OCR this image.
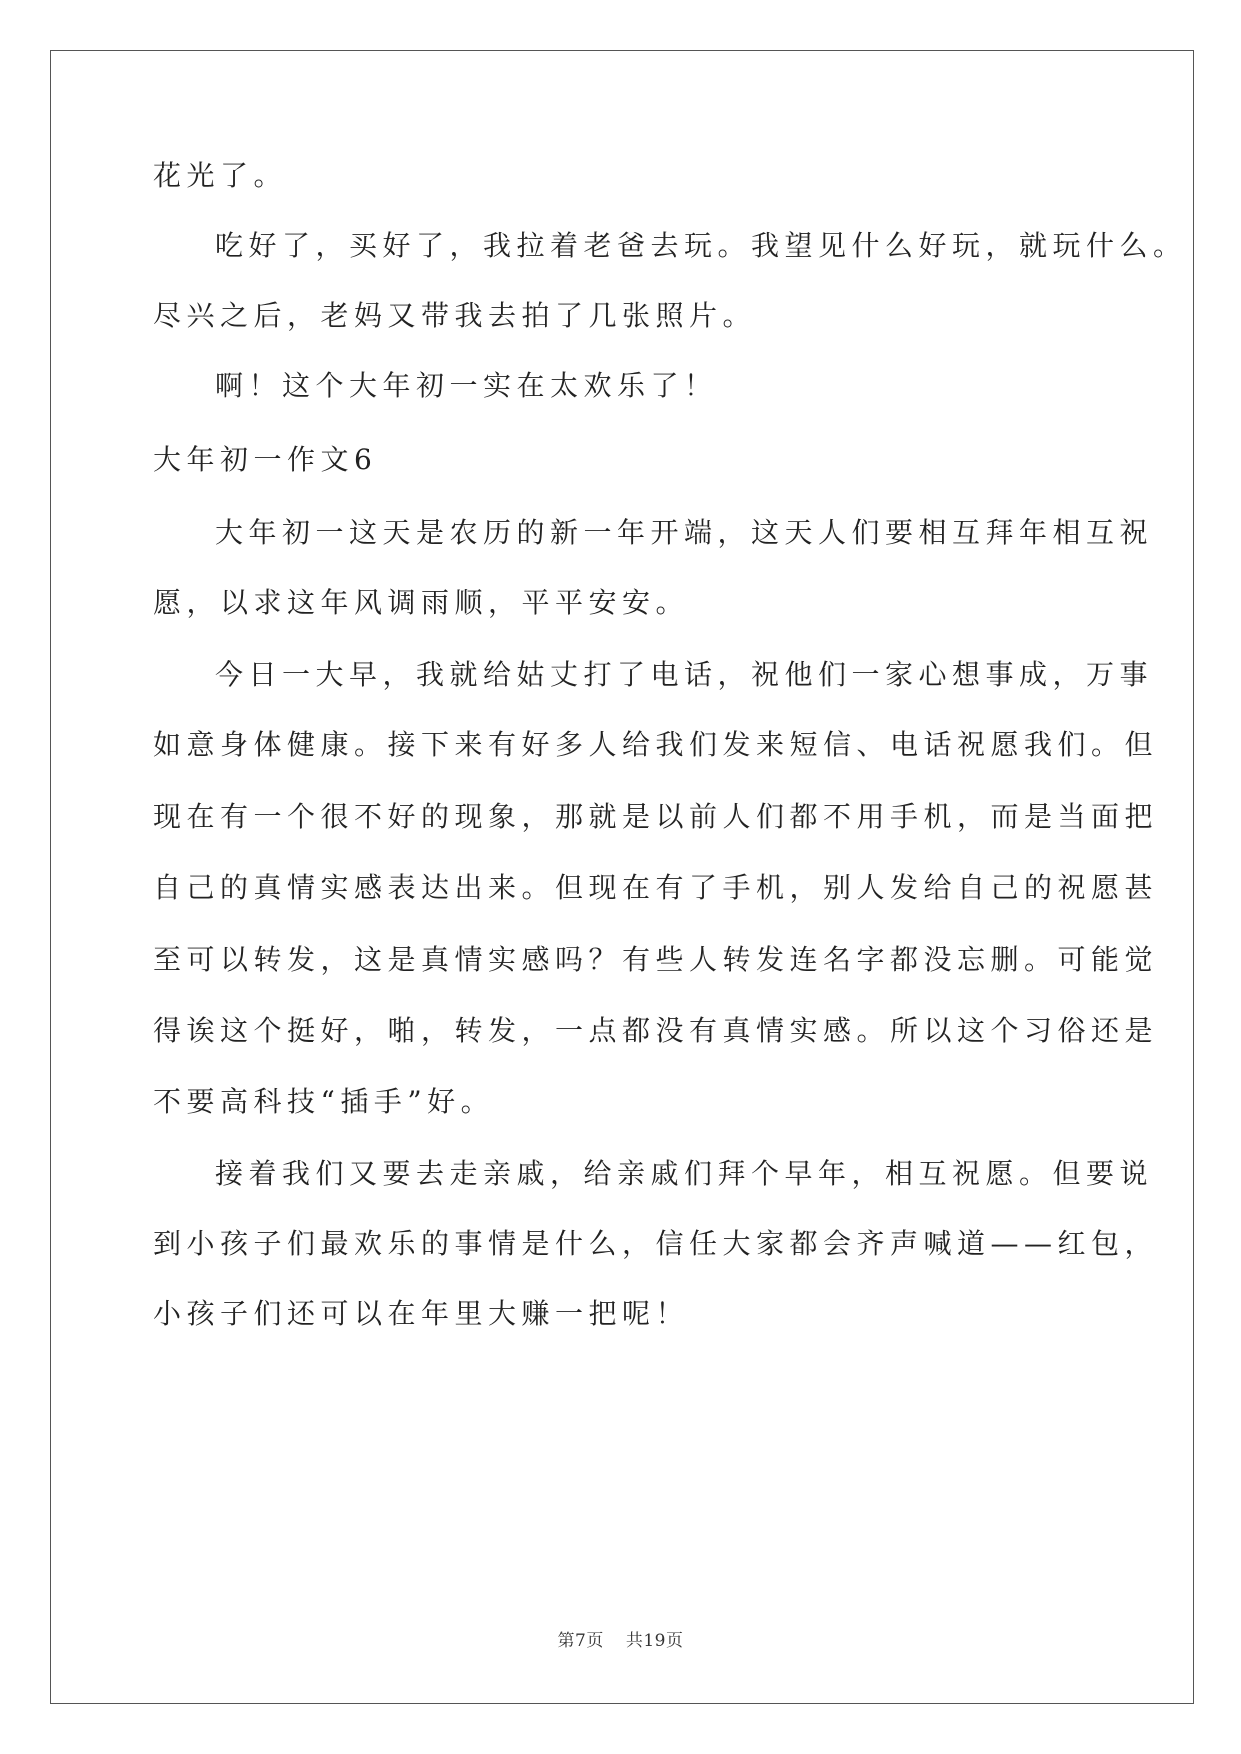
花光了。
吃好了，买好了，我拉着老爸去玩。我望见什么好玩，就玩什么。
尽兴之后，老妈又带我去拍了几张照片。
啊！这个大年初一实在太欢乐了！
大年初一作文6
大年初一这天是农历的新一年开端，这天人们要相互拜年相互祝
愿，以求这年风调雨顺，平平安安。
今日一大早，我就给姑丈打了电话，祝他们一家心想事成，万事
如意身体健康。接下来有好多人给我们发来短信、电话祝愿我们。但
现在有一个很不好的现象，那就是以前人们都不用手机，而是当面把
自己的真情实感表达出来。但现在有了手机，别人发给自己的祝愿甚
至可以转发，这是真情实感吗？有些人转发连名字都没忘删。可能觉
得诶这个挺好，啪，转发，一点都没有真情实感。所以这个习俗还是
不要高科技“插手”好。
接着我们又要去走亲戚，给亲戚们拜个早年，相互祝愿。但要说
到小孩子们最欢乐的事情是什么，信任大家都会齐声喊道——红包，
小孩子们还可以在年里大赚一把呢！
第7页 共19页
